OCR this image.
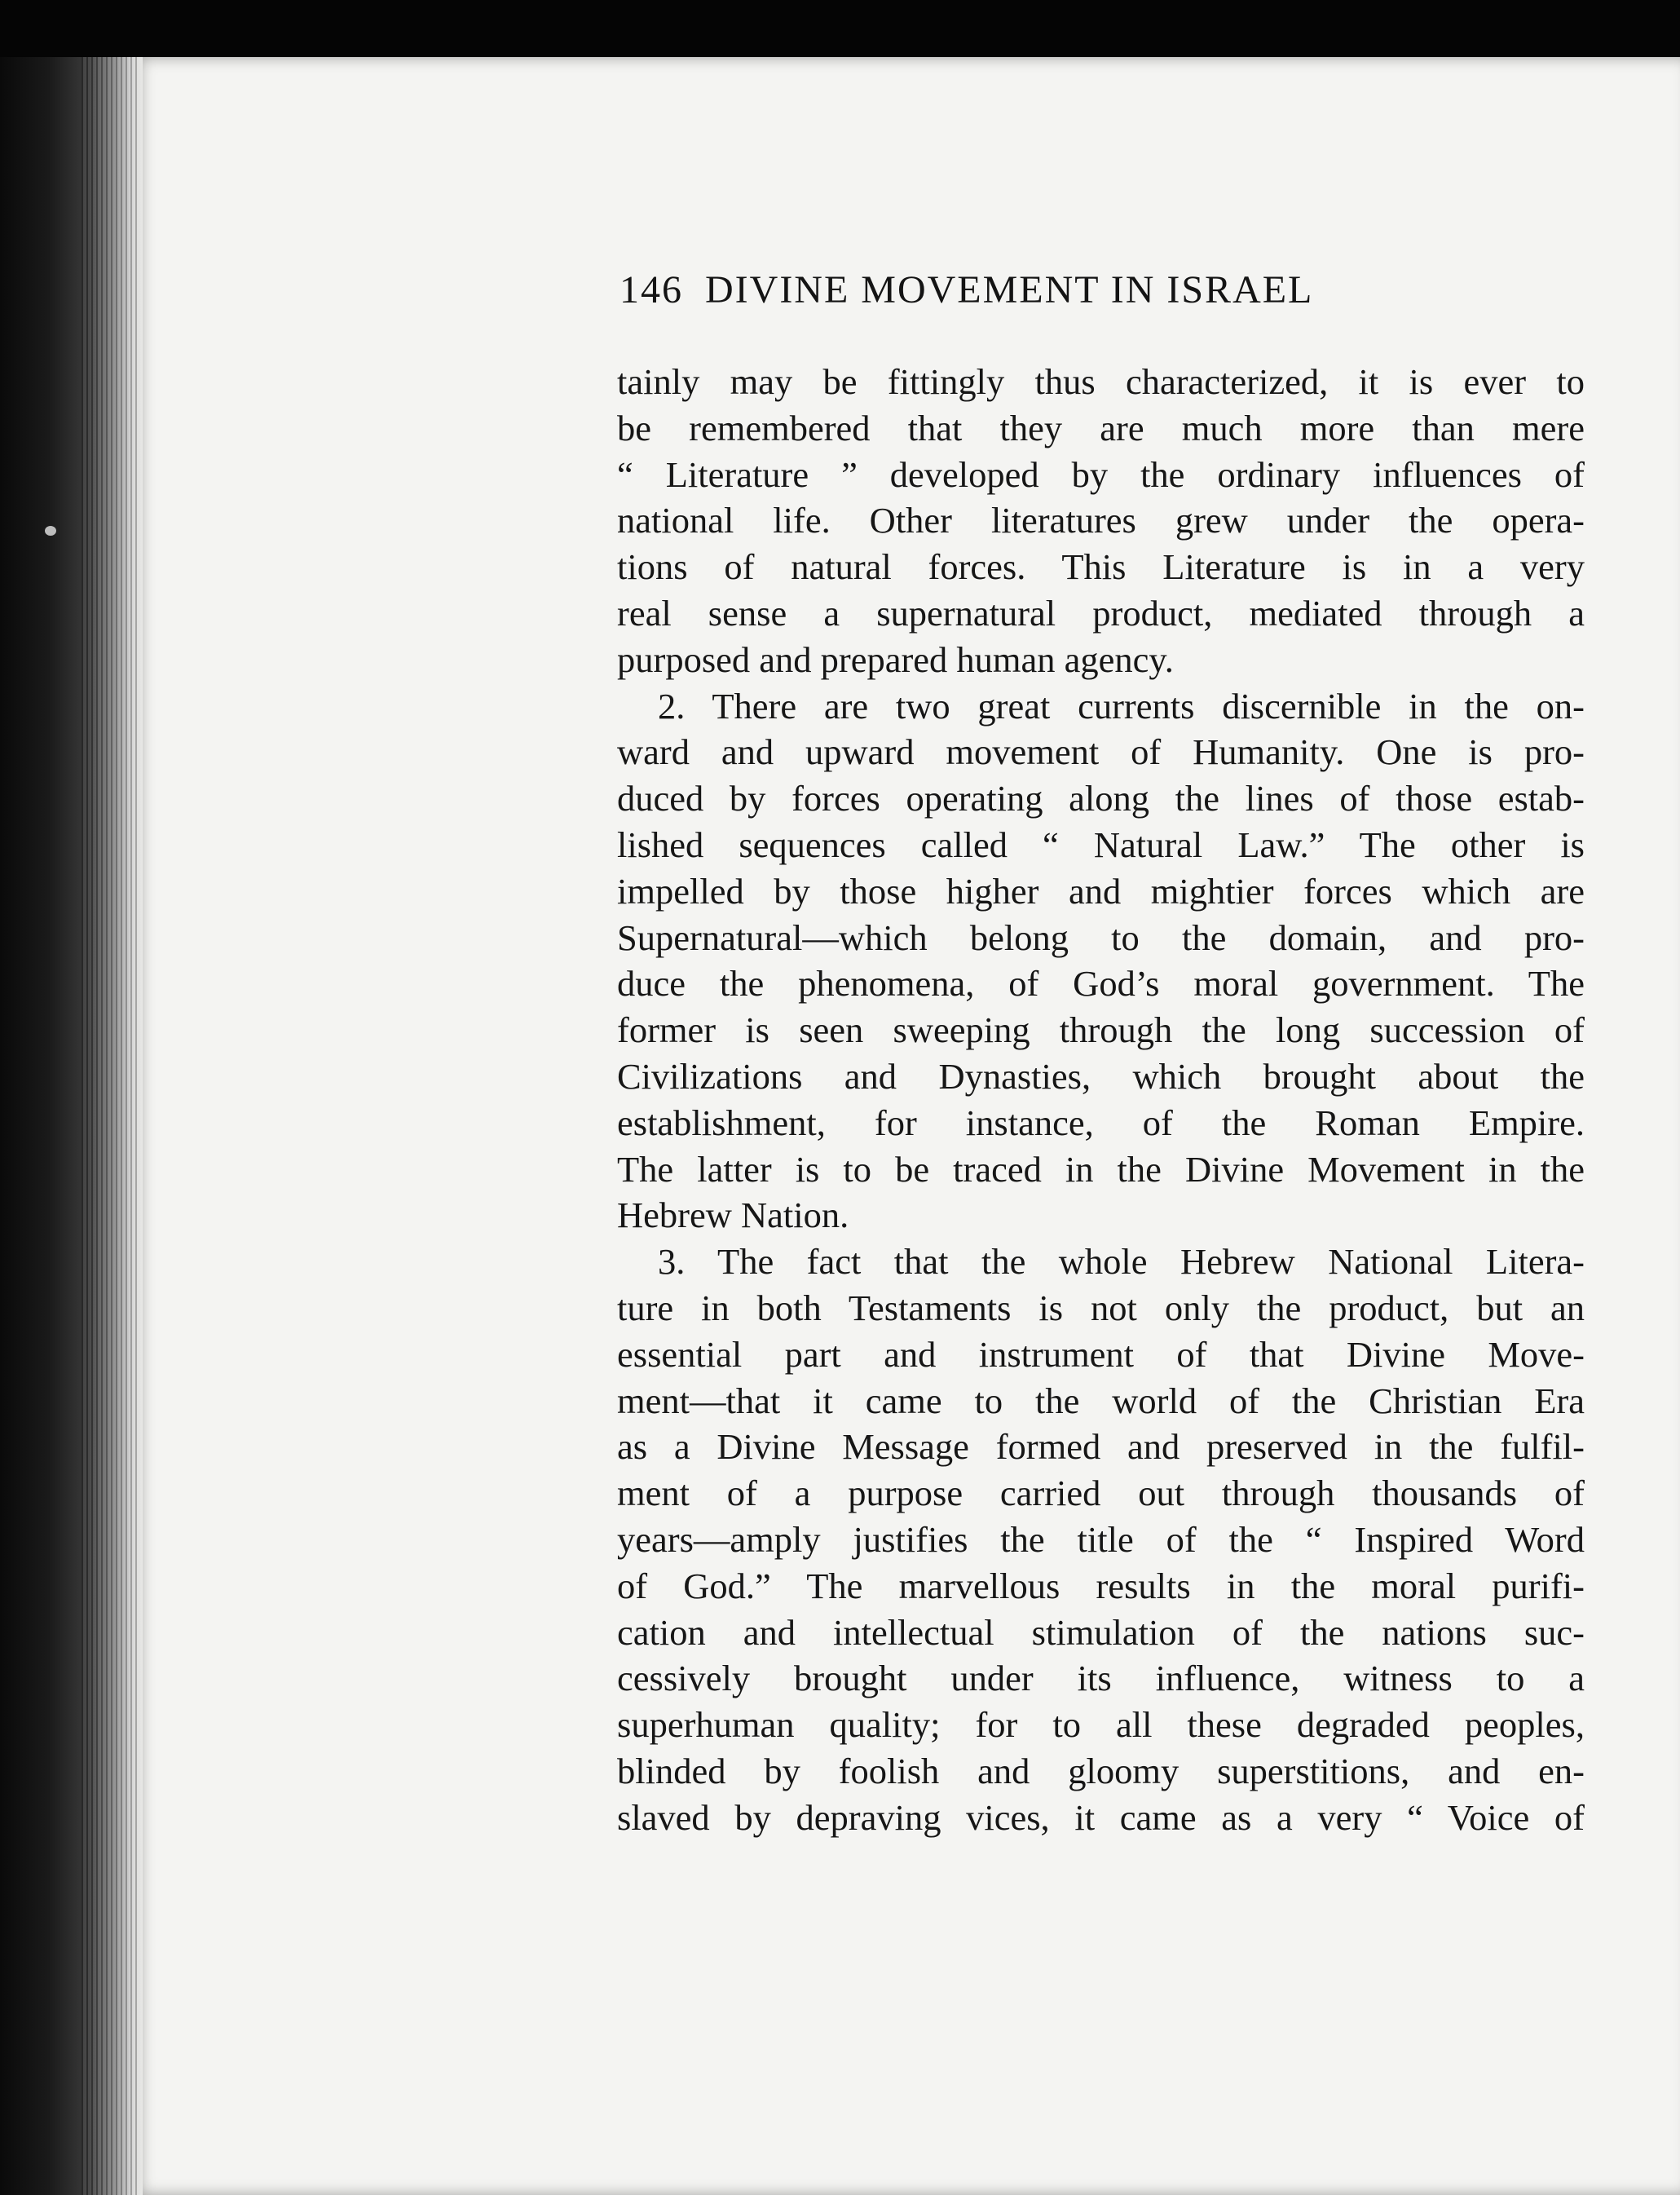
146 DIVINE MOVEMENT IN ISRAEL
tainly may be fittingly thus characterized, it is ever to
be remembered that they are much more than mere
“ Literature ” developed by the ordinary influences of
national life. Other literatures grew under the opera-
tions of natural forces. This Literature is in a very
real sense a supernatural product, mediated through a
purposed and prepared human agency.
2. There are two great currents discernible in the on-
ward and upward movement of Humanity. One is pro-
duced by forces operating along the lines of those estab-
lished sequences called “ Natural Law.” The other is
impelled by those higher and mightier forces which are
Supernatural—which belong to the domain, and pro-
duce the phenomena, of God’s moral government. The
former is seen sweeping through the long succession of
Civilizations and Dynasties, which brought about the
establishment, for instance, of the Roman Empire.
The latter is to be traced in the Divine Movement in the
Hebrew Nation.
3. The fact that the whole Hebrew National Litera-
ture in both Testaments is not only the product, but an
essential part and instrument of that Divine Move-
ment—that it came to the world of the Christian Era
as a Divine Message formed and preserved in the fulfil-
ment of a purpose carried out through thousands of
years—amply justifies the title of the “ Inspired Word
of God.” The marvellous results in the moral purifi-
cation and intellectual stimulation of the nations suc-
cessively brought under its influence, witness to a
superhuman quality; for to all these degraded peoples,
blinded by foolish and gloomy superstitions, and en-
slaved by depraving vices, it came as a very “ Voice of
